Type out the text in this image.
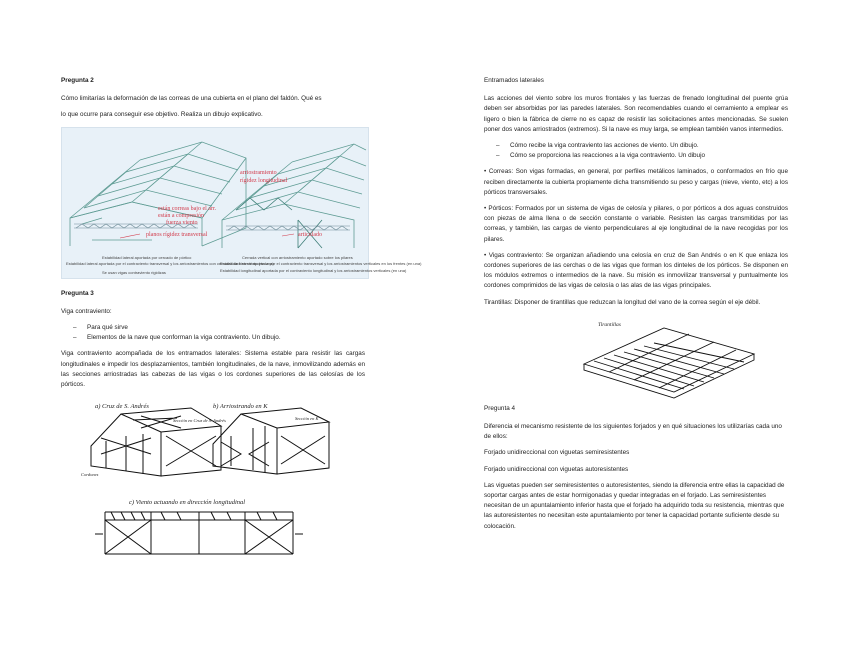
Pregunta 2

Cómo limitarías la deformación de las correas de una cubierta en el plano del faldón. Qué es

lo que ocurre para conseguir ese objetivo. Realiza un dibujo explicativo.

arriostramiento
rígidez longitudinal
están correas bajo el arr.
están a compresión
fuerza viento
planos rígidez transversal	articulado
Estabilidad lateral aportada por cercado de pórtico
Estabilidad lateral aportada por el contraviento transversal y los arriostramientos con cerradas de tres viento (en una)
Se usan vigas contraviento rigidizas
Cerrada vertical con arriostramiento aportado sobre los pilares
Estabilidad lateral aportada por el contraviento transversal y los arriostramientos verticales en los frentes (en una)
Estabilidad longitudinal aportada por el contraviento longitudinal y los arriostramientos verticales (en una)
Pregunta 3

Viga contraviento:

– Para qué sirve
– Elementos de la nave que conforman la viga contraviento. Un dibujo.

Viga contraviento acompañada de los entramados laterales: Sistema estable para resistir las cargas longitudinales e impedir los desplazamientos, también longitudinales, de la nave, inmovilizando además en las secciones arriostradas las cabezas de las vigas o los cordones superiores de las celosías de los pórticos.

a) Cruz de S. Andrés	b) Arriostrando en K
Sección en Cruz de S. Andrés	Sección en K
Cordones
c) Viento actuando en dirección longitudinal
Entramados laterales

Las acciones del viento sobre los muros frontales y las fuerzas de frenado longitudinal del puente grúa deben ser absorbidas por las paredes laterales. Son recomendables cuando el cerramiento a emplear es ligero o bien la fábrica de cierre no es capaz de resistir las solicitaciones antes mencionadas. Se suelen poner dos vanos arriostrados (extremos). Si la nave es muy larga, se emplean también vanos intermedios.

– Cómo recibe la viga contraviento las acciones de viento. Un dibujo.
– Cómo se proporciona las reacciones a la viga contraviento. Un dibujo

• Correas: Son vigas formadas, en general, por perfiles metálicos laminados, o conformados en frío que reciben directamente la cubierta propiamente dicha transmitiendo su peso y cargas (nieve, viento, etc) a los pórticos transversales.

• Pórticos: Formados por un sistema de vigas de celosía y pilares, o por pórticos a dos aguas construidos con piezas de alma llena o de sección constante o variable. Resisten las cargas transmitidas por las correas, y también, las cargas de viento perpendiculares al eje longitudinal de la nave recogidas por los pilares.

• Vigas contraviento: Se organizan añadiendo una celosía en cruz de San Andrés o en K que enlaza los cordones superiores de las cerchas o de las vigas que forman los dinteles de los pórticos. Se disponen en los módulos extremos o intermedios de la nave. Su misión es inmovilizar transversal y puntualmente los cordones comprimidos de las vigas de celosía o las alas de las vigas principales.

Tirantillas: Disponer de tirantillas que reduzcan la longitud del vano de la correa según el eje débil.

Tirantillas
Pregunta 4

Diferencia el mecanismo resistente de los siguientes forjados y en qué situaciones los utilizarías cada uno de ellos:

Forjado unidireccional con viguetas semiresistentes

Forjado unidireccional con viguetas autoresistentes

Las viguetas pueden ser semiresistentes o autoresistentes, siendo la diferencia entre ellas la capacidad de soportar cargas antes de estar hormigonadas y quedar integradas en el forjado. Las semiresistentes necesitan de un apuntalamiento inferior hasta que el forjado ha adquirido toda su resistencia, mientras que las autoresistentes no necesitan este apuntalamiento por tener la capacidad portante suficiente desde su colocación.
